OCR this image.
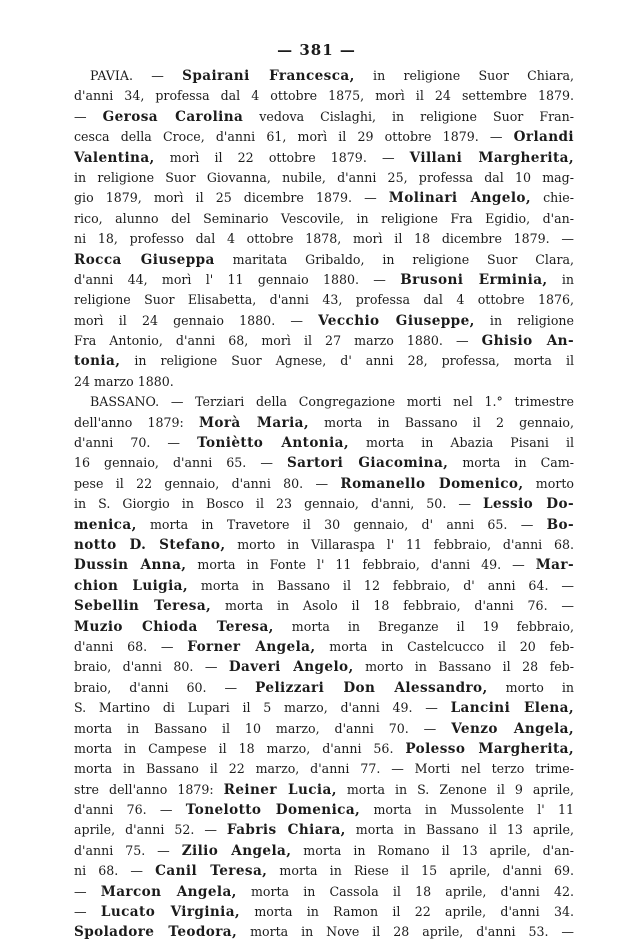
— 381 —
PAVIA. — Spairani Francesca, in religione Suor Chiara,
d'anni 34, professa dal 4 ottobre 1875, morì il 24 settembre 1879.
— Gerosa Carolina vedova Cislaghi, in religione Suor Fran-
cesca della Croce, d'anni 61, morì il 29 ottobre 1879. — Orlandi
Valentina, morì il 22 ottobre 1879. — Villani Margherita,
in religione Suor Giovanna, nubile, d'anni 25, professa dal 10 mag-
gio 1879, morì il 25 dicembre 1879. — Molinari Angelo, chie-
rico, alunno del Seminario Vescovile, in religione Fra Egidio, d'an-
ni 18, professo dal 4 ottobre 1878, morì il 18 dicembre 1879. —
Rocca Giuseppa maritata Gribaldo, in religione Suor Clara,
d'anni 44, morì l' 11 gennaio 1880. — Brusoni Erminia, in
religione Suor Elisabetta, d'anni 43, professa dal 4 ottobre 1876,
morì il 24 gennaio 1880. — Vecchio Giuseppe, in religione
Fra Antonio, d'anni 68, morì il 27 marzo 1880. — Ghisio An-
tonia, in religione Suor Agnese, d' anni 28, professa, morta il
24 marzo 1880.
BASSANO. — Terziari della Congregazione morti nel 1.° trimestre
dell'anno 1879: Morà Maria, morta in Bassano il 2 gennaio,
d'anni 70. — Toniètto Antonia, morta in Abazia Pisani il
16 gennaio, d'anni 65. — Sartori Giacomina, morta in Cam-
pese il 22 gennaio, d'anni 80. — Romanello Domenico, morto
in S. Giorgio in Bosco il 23 gennaio, d'anni, 50. — Lessio Do-
menica, morta in Travetore il 30 gennaio, d' anni 65. — Bo-
notto D. Stefano, morto in Villaraspa l' 11 febbraio, d'anni 68.
Dussin Anna, morta in Fonte l' 11 febbraio, d'anni 49. — Mar-
chion Luigia, morta in Bassano il 12 febbraio, d' anni 64. —
Sebellin Teresa, morta in Asolo il 18 febbraio, d'anni 76. —
Muzio Chioda Teresa, morta in Breganze il 19 febbraio,
d'anni 68. — Forner Angela, morta in Castelcucco il 20 feb-
braio, d'anni 80. — Daveri Angelo, morto in Bassano il 28 feb-
braio, d'anni 60. — Pelizzari Don Alessandro, morto in
S. Martino di Lupari il 5 marzo, d'anni 49. — Lancini Elena,
morta in Bassano il 10 marzo, d'anni 70. — Venzo Angela,
morta in Campese il 18 marzo, d'anni 56. Polesso Margherita,
morta in Bassano il 22 marzo, d'anni 77. — Morti nel terzo trime-
stre dell'anno 1879: Reiner Lucia, morta in S. Zenone il 9 aprile,
d'anni 76. — Tonelotto Domenica, morta in Mussolente l' 11
aprile, d'anni 52. — Fabris Chiara, morta in Bassano il 13 aprile,
d'anni 75. — Zilio Angela, morta in Romano il 13 aprile, d'an-
ni 68. — Canil Teresa, morta in Riese il 15 aprile, d'anni 69.
— Marcon Angela, morta in Cassola il 18 aprile, d'anni 42.
— Lucato Virginia, morta in Ramon il 22 aprile, d'anni 34.
Spoladore Teodora, morta in Nove il 28 aprile, d'anni 53. —
